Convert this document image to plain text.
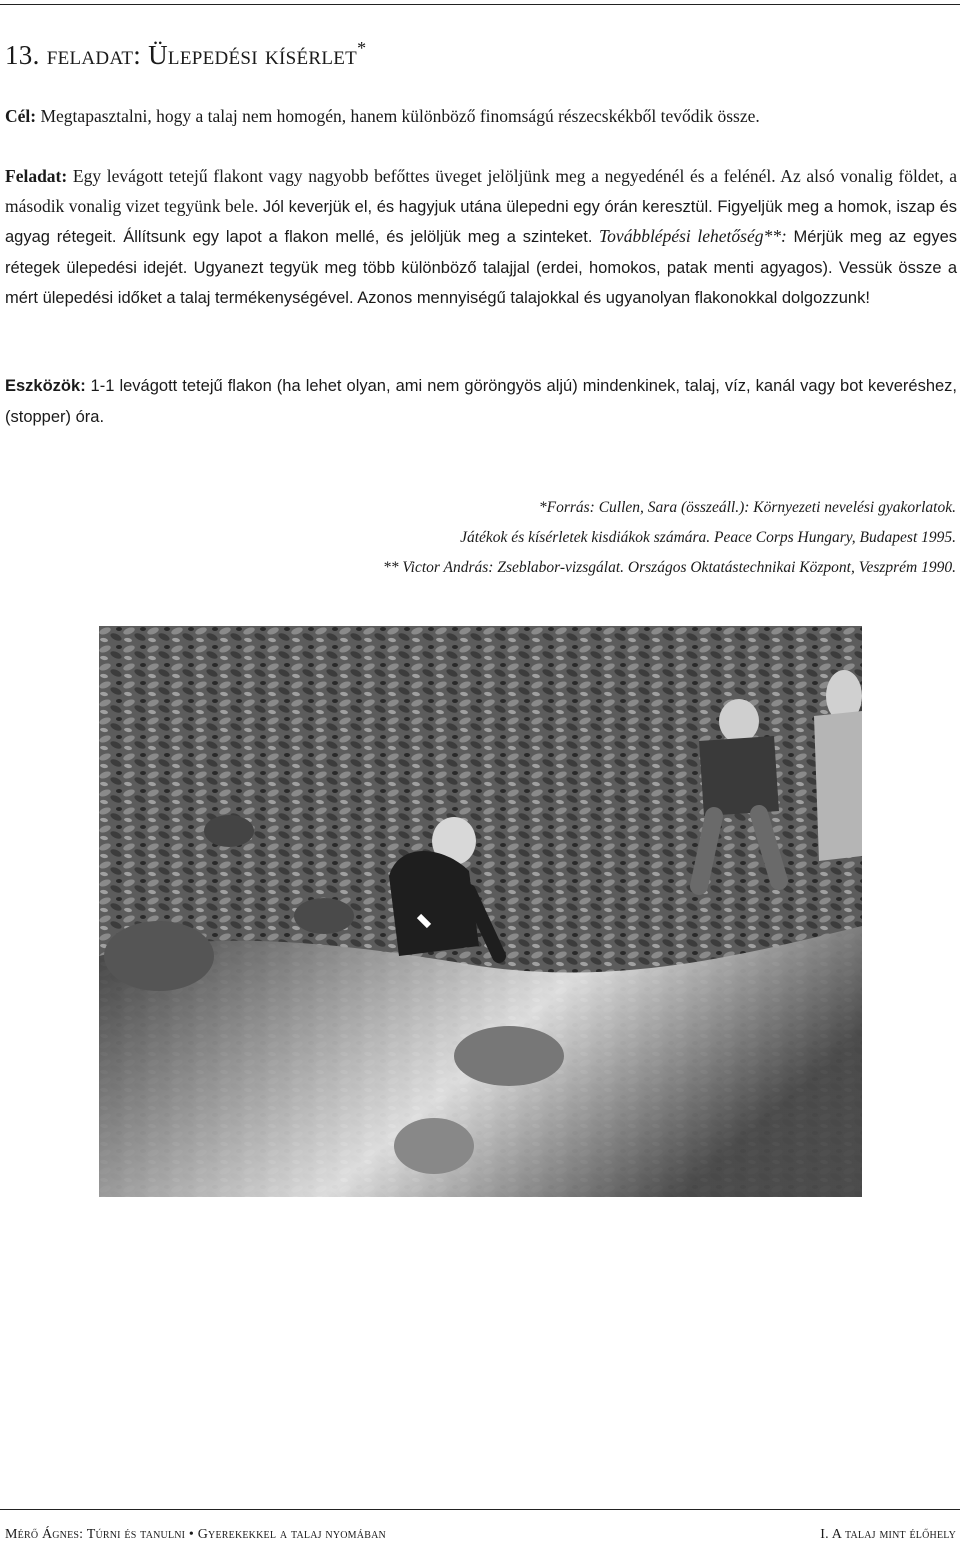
13. feladat: Ülepedési kísérlet*
Cél: Megtapasztalni, hogy a talaj nem homogén, hanem különböző finomságú részecskékből tevődik össze.
Feladat: Egy levágott tetejű flakont vagy nagyobb befőttes üveget jelöljünk meg a negyedénél és a felénél. Az alsó vonalig földet, a második vonalig vizet tegyünk bele. Jól keverjük el, és hagyjuk utána ülepedni egy órán keresztül. Figyeljük meg a homok, iszap és agyag rétegeit. Állítsunk egy lapot a flakon mellé, és jelöljük meg a szinteket. Továbblépési lehetőség**: Mérjük meg az egyes rétegek ülepedési idejét. Ugyanezt tegyük meg több különböző talajjal (erdei, homokos, patak menti agyagos). Vessük össze a mért ülepedési időket a talaj termékenységével. Azonos mennyiségű talajokkal és ugyanolyan flakonokkal dolgozzunk!
Eszközök: 1-1 levágott tetejű flakon (ha lehet olyan, ami nem göröngyös aljú) mindenkinek, talaj, víz, kanál vagy bot keveréshez, (stopper) óra.
*Forrás: Cullen, Sara (összeáll.): Környezeti nevelési gyakorlatok.
Játékok és kísérletek kisdiákok számára. Peace Corps Hungary, Budapest 1995.
** Victor András: Zseblabor-vizsgálat. Országos Oktatástechnikai Központ, Veszprém 1990.
Mérő Ágnes: Túrni és tanulni • Gyerekekkel a talaj nyomában	I. A talaj mint élőhely
